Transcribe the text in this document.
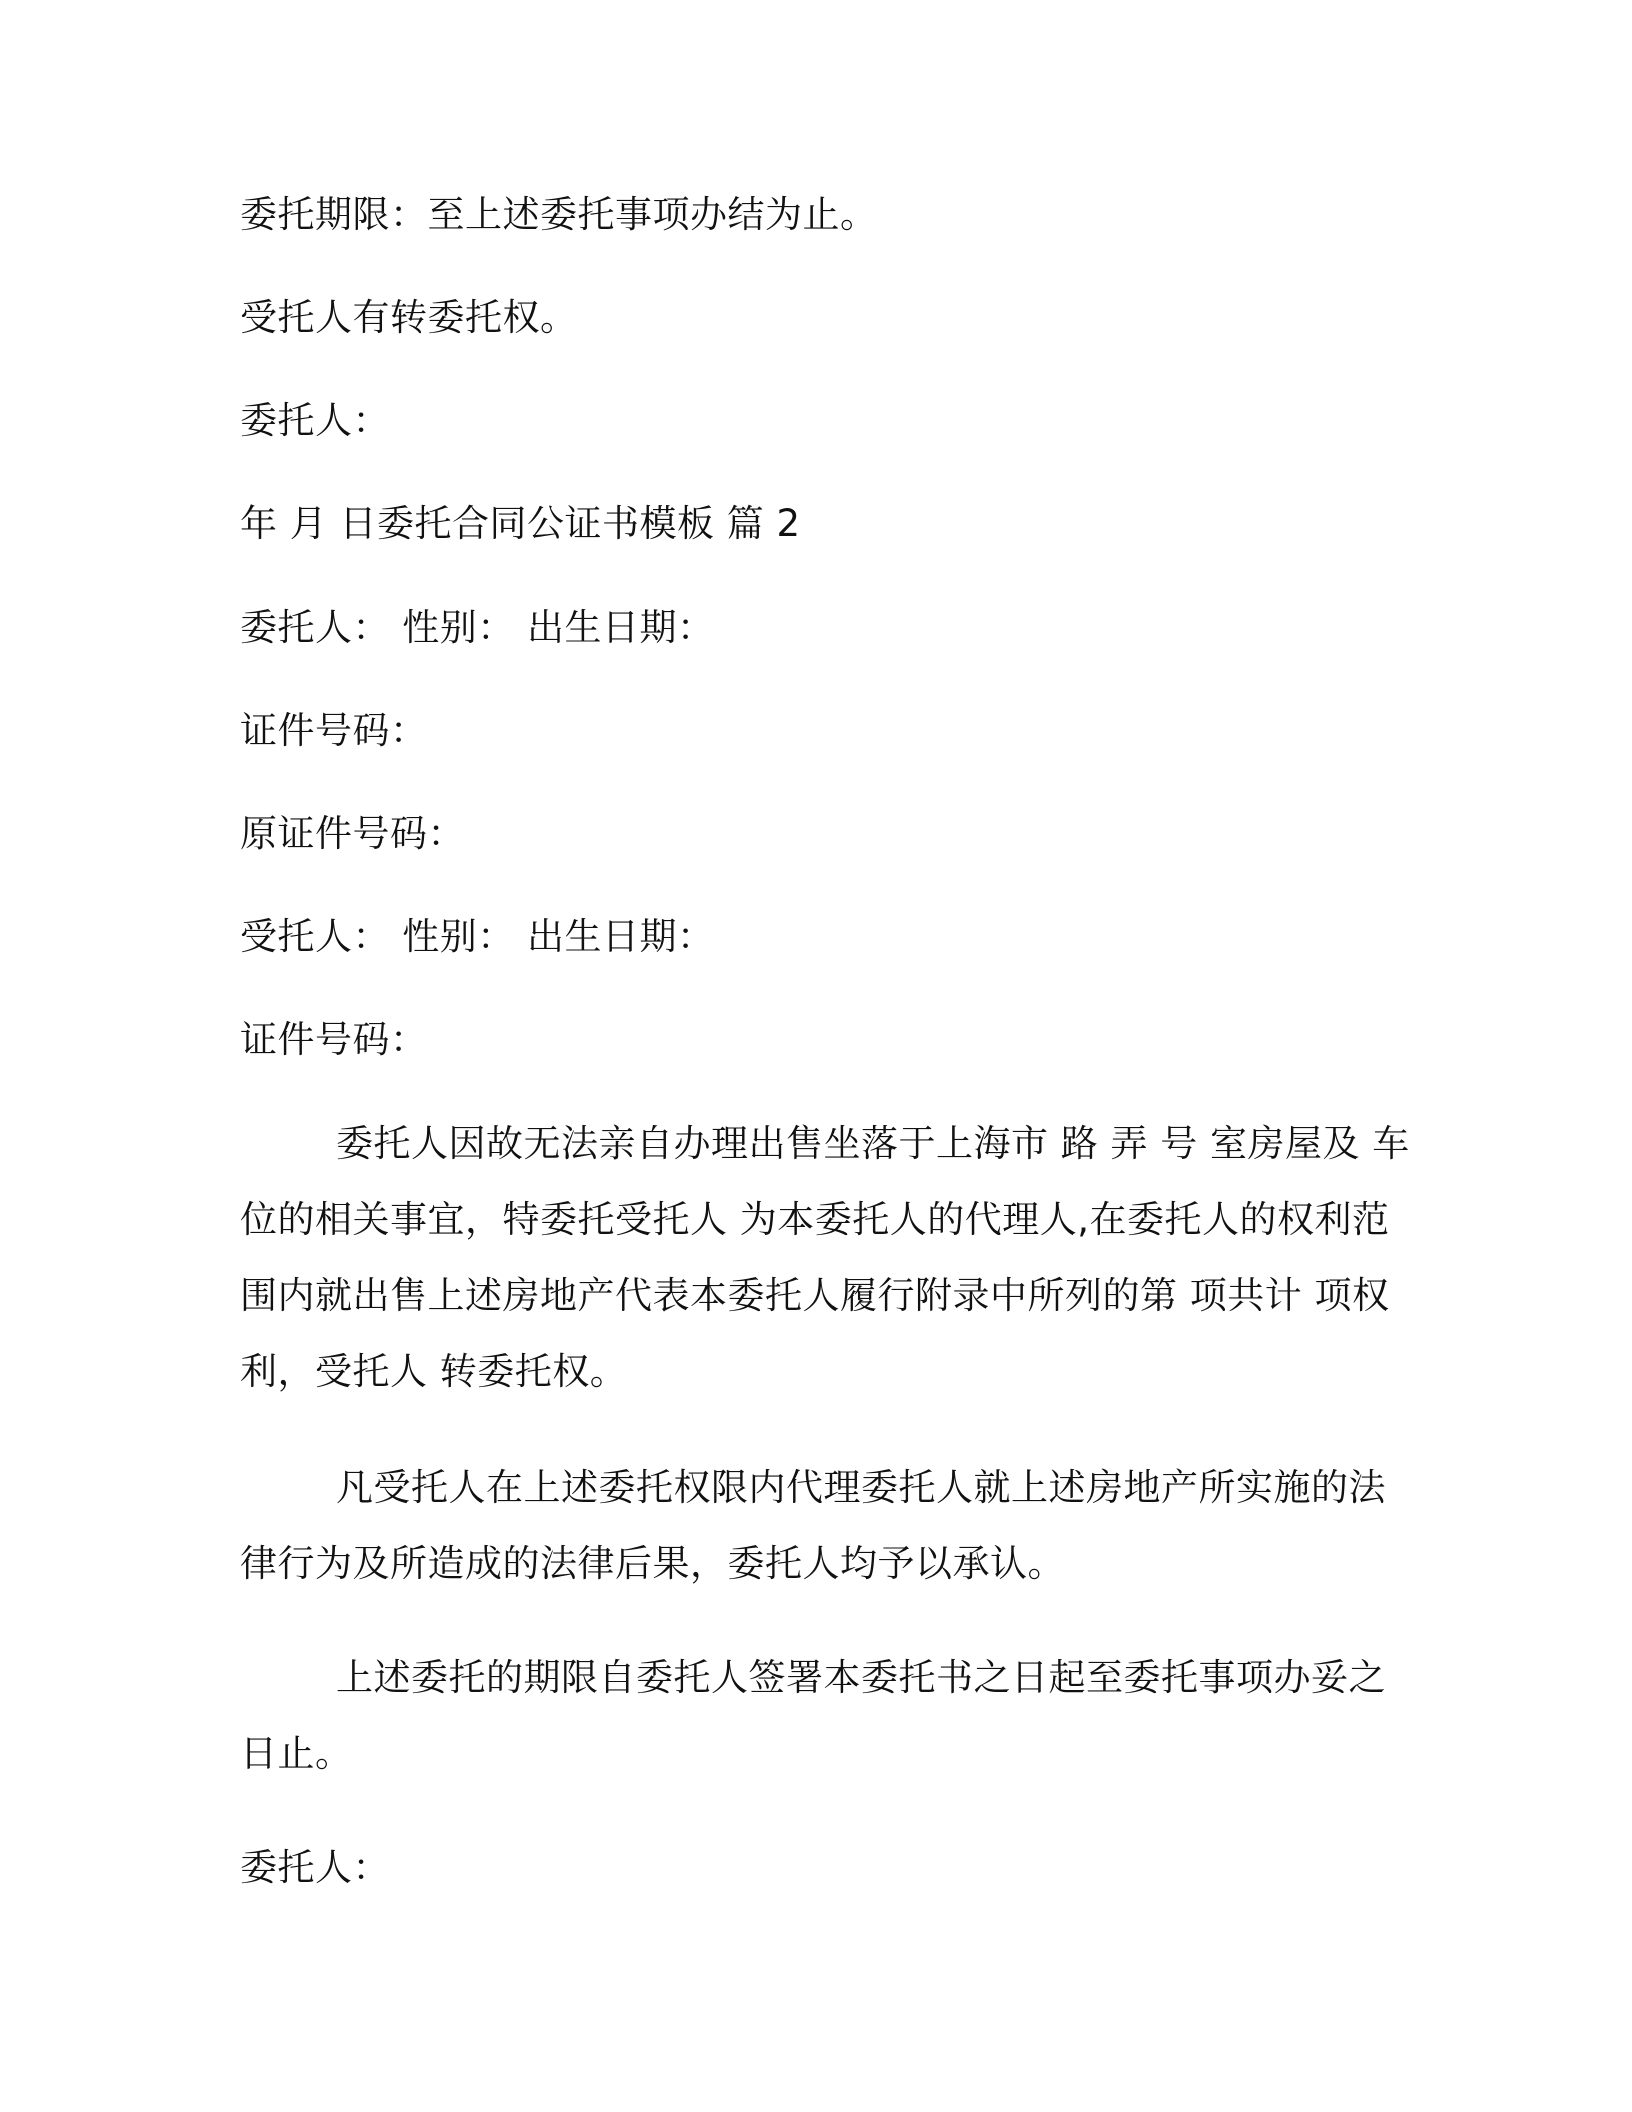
委托期限：至上述委托事项办结为止。

受托人有转委托权。

委托人：

年 月 日委托合同公证书模板 篇 2

委托人： 性别： 出生日期：

证件号码：

原证件号码：

受托人： 性别： 出生日期：

证件号码：

委托人因故无法亲自办理出售坐落于上海市 路 弄 号 室房屋及 车
位的相关事宜，特委托受托人 为本委托人的代理人,在委托人的权利范
围内就出售上述房地产代表本委托人履行附录中所列的第 项共计 项权
利，受托人 转委托权。
凡受托人在上述委托权限内代理委托人就上述房地产所实施的法
律行为及所造成的法律后果，委托人均予以承认。
上述委托的期限自委托人签署本委托书之日起至委托事项办妥之
日止。

委托人：
